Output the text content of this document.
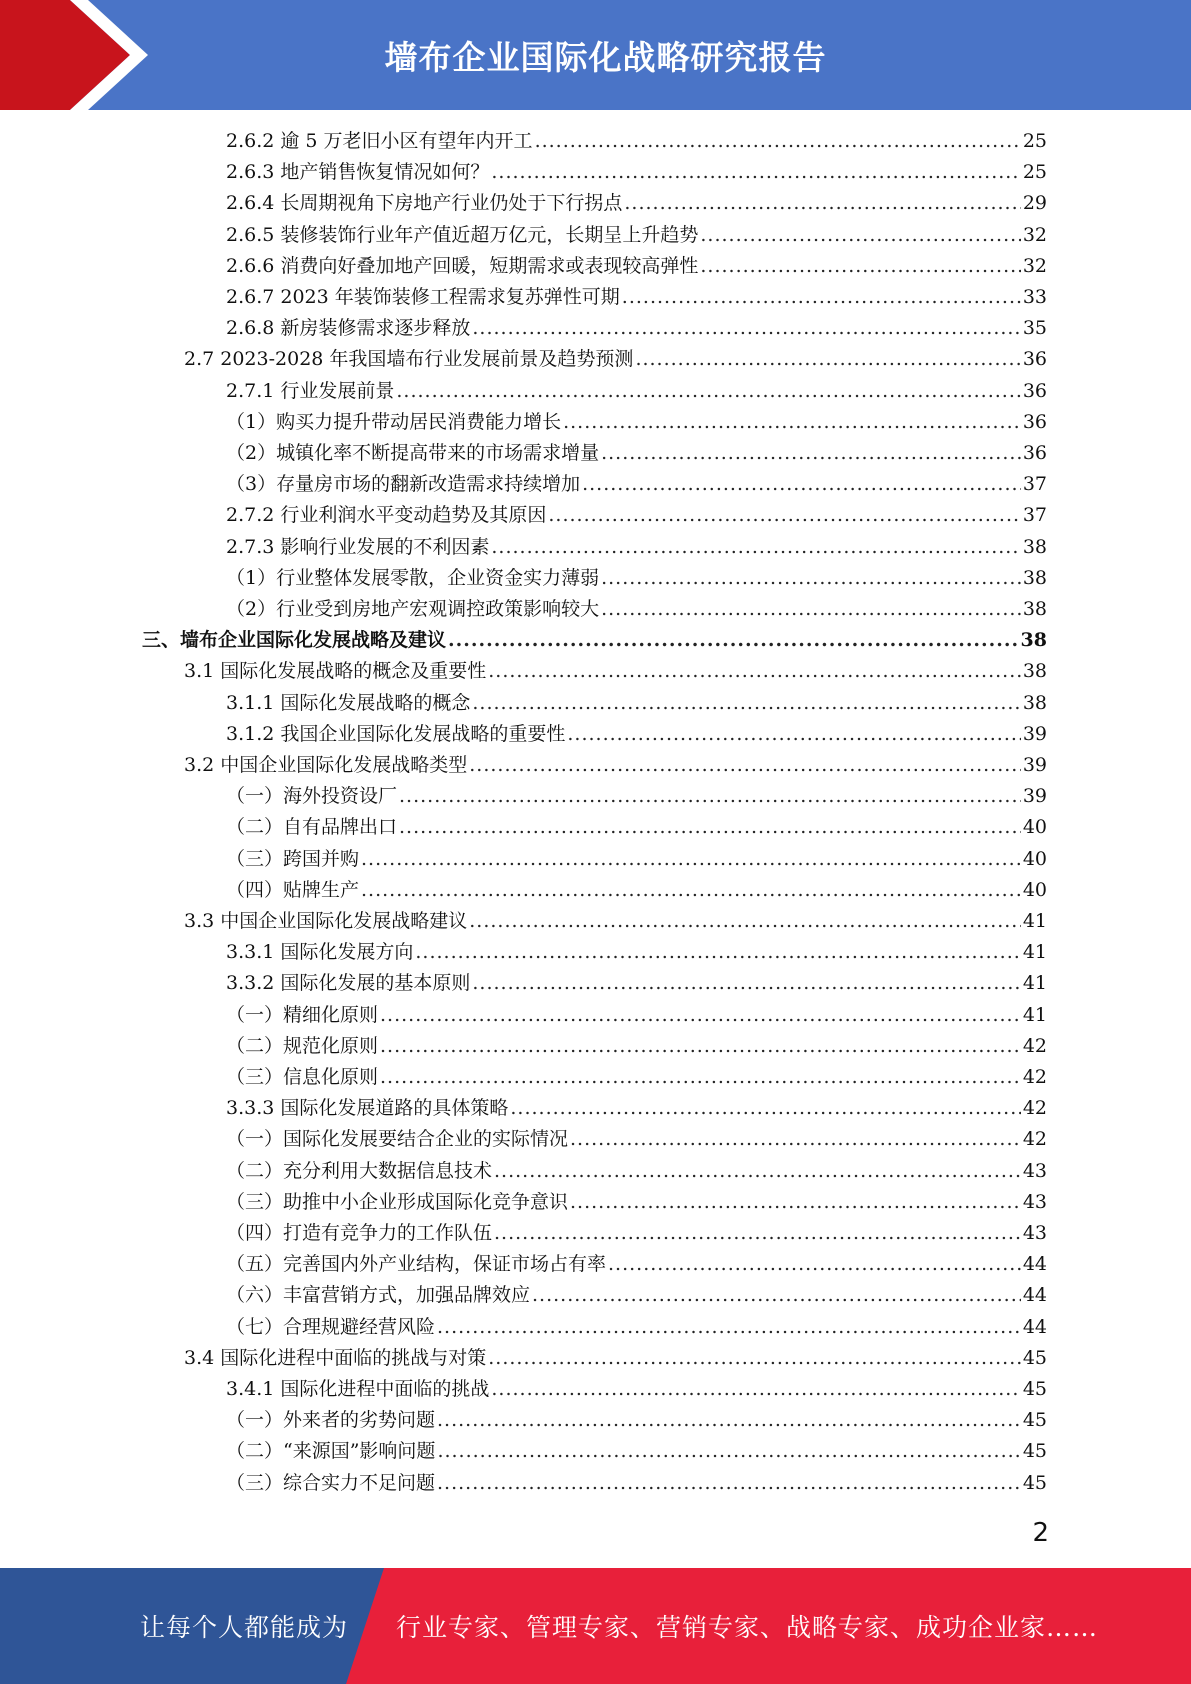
墙布企业国际化战略研究报告
2.6.2 逾 5 万老旧小区有望年内开工 .....	25
2.6.3 地产销售恢复情况如何？ .....	25
2.6.4 长周期视角下房地产行业仍处于下行拐点 .....	29
2.6.5 装修装饰行业年产值近超万亿元，长期呈上升趋势 .....	32
2.6.6 消费向好叠加地产回暖，短期需求或表现较高弹性 .....	32
2.6.7 2023 年装饰装修工程需求复苏弹性可期 .....	33
2.6.8 新房装修需求逐步释放 .....	35
2.7 2023-2028 年我国墙布行业发展前景及趋势预测 .....	36
2.7.1 行业发展前景 .....	36
（1）购买力提升带动居民消费能力增长 .....	36
（2）城镇化率不断提高带来的市场需求增量 .....	36
（3）存量房市场的翻新改造需求持续增加 .....	37
2.7.2 行业利润水平变动趋势及其原因 .....	37
2.7.3 影响行业发展的不利因素 .....	38
（1）行业整体发展零散，企业资金实力薄弱 .....	38
（2）行业受到房地产宏观调控政策影响较大 .....	38
三、墙布企业国际化发展战略及建议 .....	38
3.1 国际化发展战略的概念及重要性 .....	38
3.1.1 国际化发展战略的概念 .....	38
3.1.2 我国企业国际化发展战略的重要性 .....	39
3.2 中国企业国际化发展战略类型 .....	39
（一）海外投资设厂 .....	39
（二）自有品牌出口 .....	40
（三）跨国并购 .....	40
（四）贴牌生产 .....	40
3.3 中国企业国际化发展战略建议 .....	41
3.3.1 国际化发展方向 .....	41
3.3.2 国际化发展的基本原则 .....	41
（一）精细化原则 .....	41
（二）规范化原则 .....	42
（三）信息化原则 .....	42
3.3.3 国际化发展道路的具体策略 .....	42
（一）国际化发展要结合企业的实际情况 .....	42
（二）充分利用大数据信息技术 .....	43
（三）助推中小企业形成国际化竞争意识 .....	43
（四）打造有竞争力的工作队伍 .....	43
（五）完善国内外产业结构，保证市场占有率 .....	44
（六）丰富营销方式，加强品牌效应 .....	44
（七）合理规避经营风险 .....	44
3.4 国际化进程中面临的挑战与对策 .....	45
3.4.1 国际化进程中面临的挑战 .....	45
（一）外来者的劣势问题 .....	45
（二）“来源国”影响问题 .....	45
（三）综合实力不足问题 .....	45
2
让每个人都能成为 行业专家、管理专家、营销专家、战略专家、成功企业家……
